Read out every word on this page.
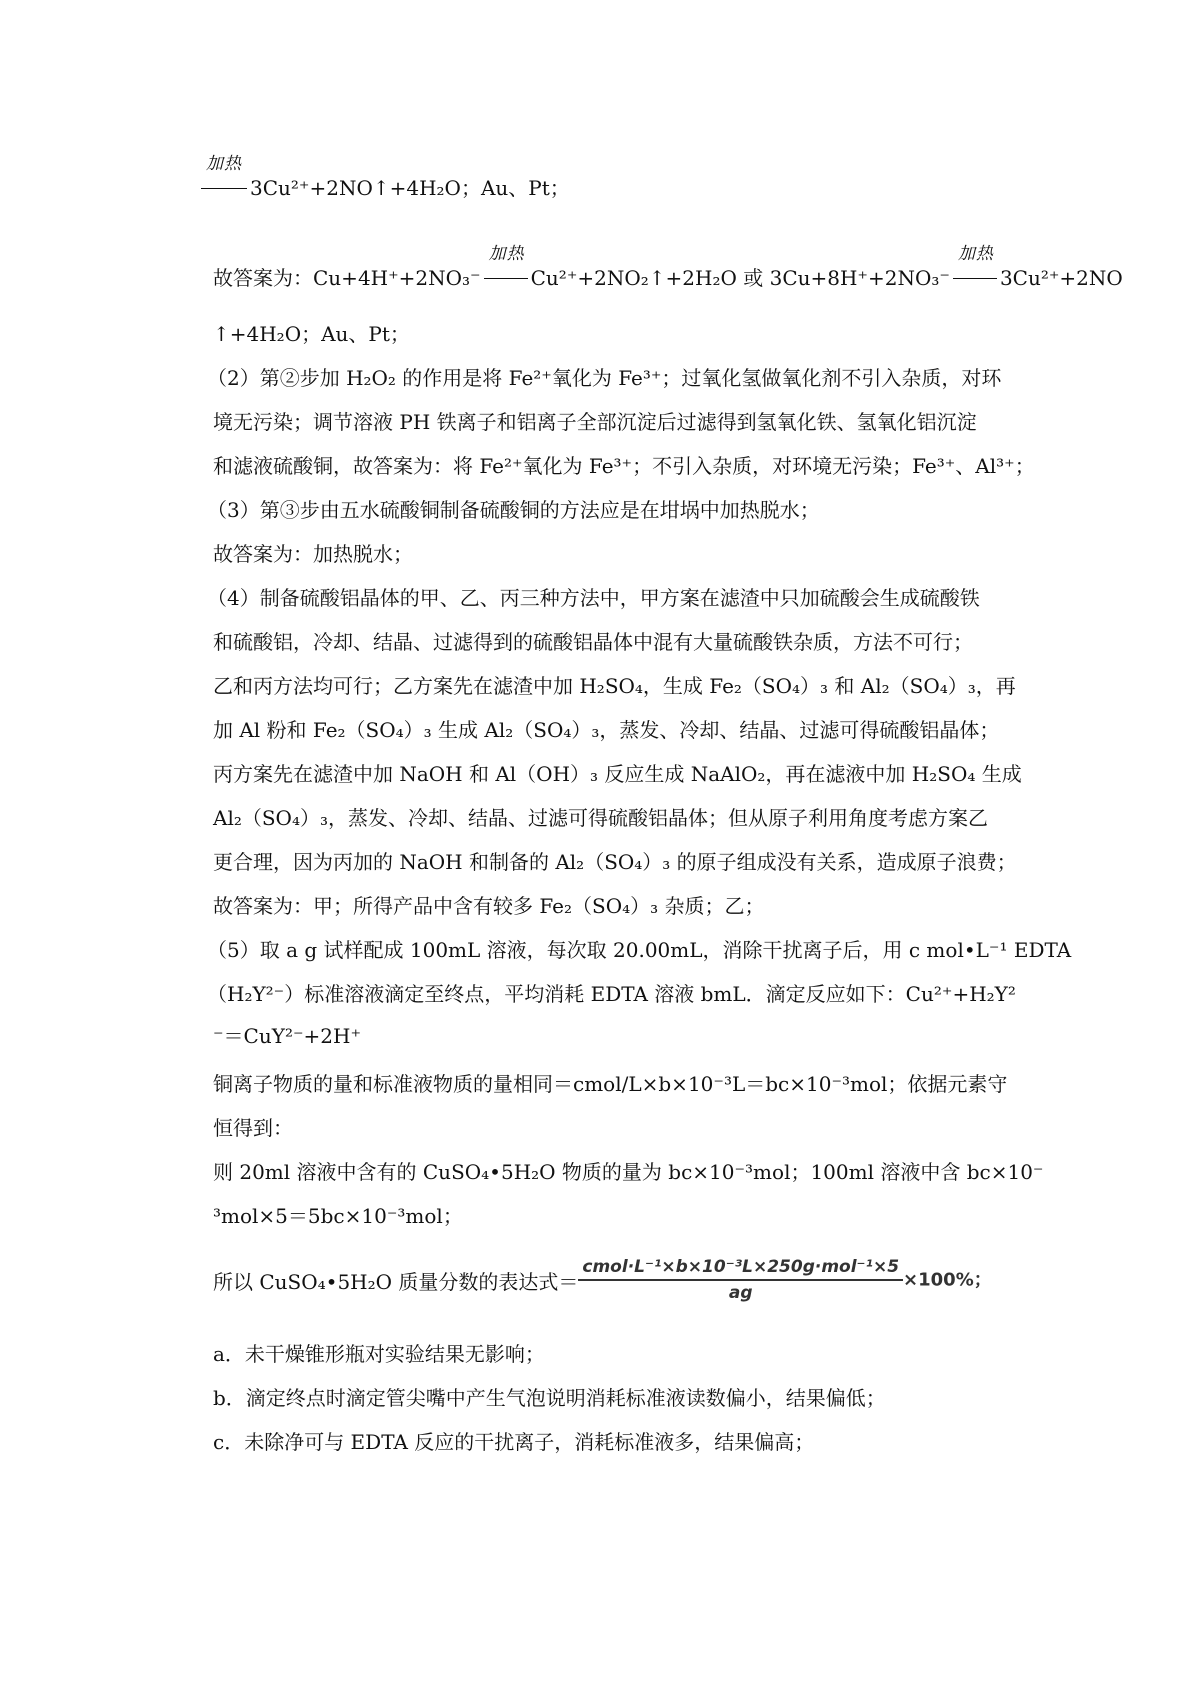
加热
3Cu²⁺+2NO↑+4H₂O；Au、Pt；
故答案为：Cu+4H⁺+2NO₃⁻
加热
Cu²⁺+2NO₂↑+2H₂O 或 3Cu+8H⁺+2NO₃⁻
加热
3Cu²⁺+2NO
↑+4H₂O；Au、Pt；
（2）第②步加 H₂O₂ 的作用是将 Fe²⁺氧化为 Fe³⁺；过氧化氢做氧化剂不引入杂质，对环
境无污染；调节溶液 PH 铁离子和铝离子全部沉淀后过滤得到氢氧化铁、氢氧化铝沉淀
和滤液硫酸铜，故答案为：将 Fe²⁺氧化为 Fe³⁺；不引入杂质，对环境无污染；Fe³⁺、Al³⁺；
（3）第③步由五水硫酸铜制备硫酸铜的方法应是在坩埚中加热脱水；
故答案为：加热脱水；
（4）制备硫酸铝晶体的甲、乙、丙三种方法中，甲方案在滤渣中只加硫酸会生成硫酸铁
和硫酸铝，冷却、结晶、过滤得到的硫酸铝晶体中混有大量硫酸铁杂质，方法不可行；
乙和丙方法均可行；乙方案先在滤渣中加 H₂SO₄，生成 Fe₂（SO₄）₃ 和 Al₂（SO₄）₃，再
加 Al 粉和 Fe₂（SO₄）₃ 生成 Al₂（SO₄）₃，蒸发、冷却、结晶、过滤可得硫酸铝晶体；
丙方案先在滤渣中加 NaOH 和 Al（OH）₃ 反应生成 NaAlO₂，再在滤液中加 H₂SO₄ 生成
Al₂（SO₄）₃，蒸发、冷却、结晶、过滤可得硫酸铝晶体；但从原子利用角度考虑方案乙
更合理，因为丙加的 NaOH 和制备的 Al₂（SO₄）₃ 的原子组成没有关系，造成原子浪费；
故答案为：甲；所得产品中含有较多 Fe₂（SO₄）₃ 杂质；乙；
（5）取 a g 试样配成 100mL 溶液，每次取 20.00mL，消除干扰离子后，用 c mol•L⁻¹ EDTA
（H₂Y²⁻）标准溶液滴定至终点，平均消耗 EDTA 溶液 bmL．滴定反应如下：Cu²⁺+H₂Y²
⁻＝CuY²⁻+2H⁺
铜离子物质的量和标准液物质的量相同＝cmol/L×b×10⁻³L＝bc×10⁻³mol；依据元素守
恒得到：
则 20ml 溶液中含有的 CuSO₄•5H₂O 物质的量为 bc×10⁻³mol；100ml 溶液中含 bc×10⁻
³mol×5＝5bc×10⁻³mol；
所以 CuSO₄•5H₂O 质量分数的表达式＝ $\frac{\text{cmol·L⁻¹×b×10⁻³L×250g·mol⁻¹×5}}{ag} \times 100\%$；
a．未干燥锥形瓶对实验结果无影响；
b．滴定终点时滴定管尖嘴中产生气泡说明消耗标准液读数偏小，结果偏低；
c．未除净可与 EDTA 反应的干扰离子，消耗标准液多，结果偏高；
